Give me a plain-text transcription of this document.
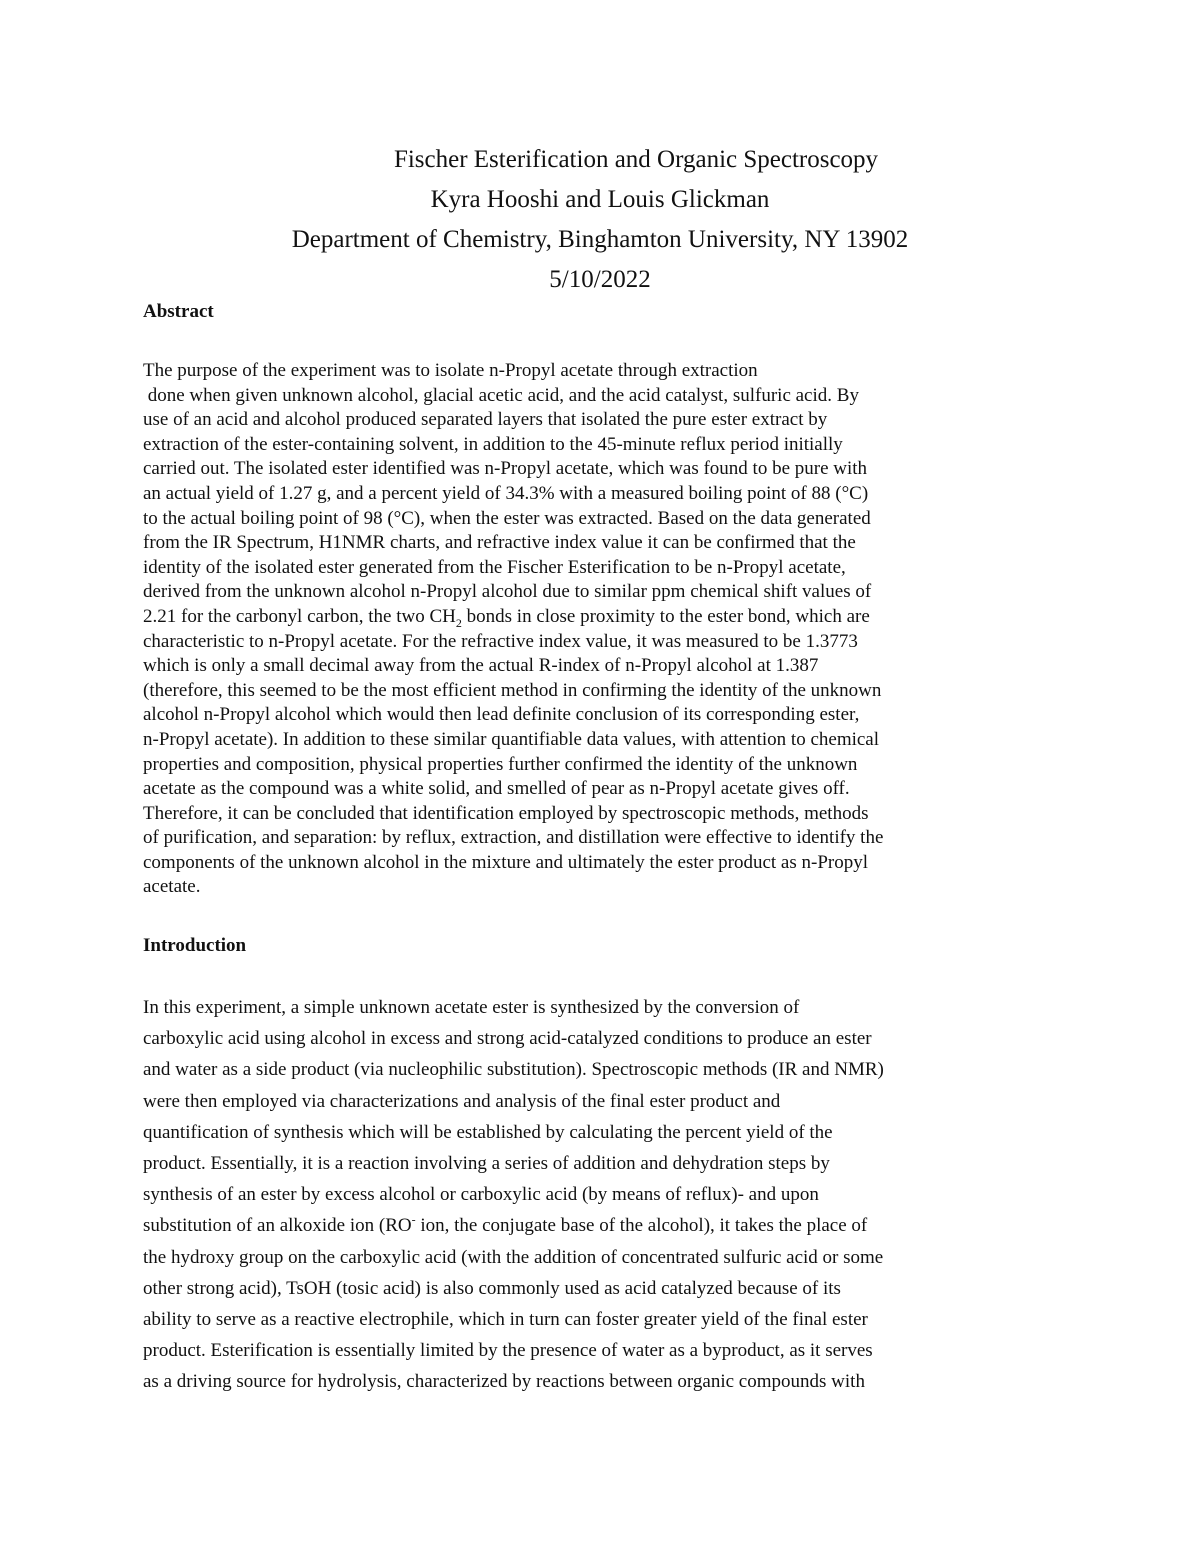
Fischer Esterification and Organic Spectroscopy
Kyra Hooshi and Louis Glickman
Department of Chemistry, Binghamton University, NY 13902
5/10/2022
Abstract
The purpose of the experiment was to isolate n-Propyl acetate through extraction
done when given unknown alcohol, glacial acetic acid, and the acid catalyst, sulfuric acid. By
use of an acid and alcohol produced separated layers that isolated the pure ester extract by
extraction of the ester-containing solvent, in addition to the 45-minute reflux period initially
carried out. The isolated ester identified was n-Propyl acetate, which was found to be pure with
an actual yield of 1.27 g, and a percent yield of 34.3% with a measured boiling point of 88 (°C)
to the actual boiling point of 98 (°C), when the ester was extracted. Based on the data generated
from the IR Spectrum, H1NMR charts, and refractive index value it can be confirmed that the
identity of the isolated ester generated from the Fischer Esterification to be n-Propyl acetate,
derived from the unknown alcohol n-Propyl alcohol due to similar ppm chemical shift values of
2.21 for the carbonyl carbon, the two $CH_2$ bonds in close proximity to the ester bond, which are
characteristic to n-Propyl acetate. For the refractive index value, it was measured to be 1.3773
which is only a small decimal away from the actual R-index of n-Propyl alcohol at 1.387
(therefore, this seemed to be the most efficient method in confirming the identity of the unknown
alcohol n-Propyl alcohol which would then lead definite conclusion of its corresponding ester,
n-Propyl acetate). In addition to these similar quantifiable data values, with attention to chemical
properties and composition, physical properties further confirmed the identity of the unknown
acetate as the compound was a white solid, and smelled of pear as n-Propyl acetate gives off.
Therefore, it can be concluded that identification employed by spectroscopic methods, methods
of purification, and separation: by reflux, extraction, and distillation were effective to identify the
components of the unknown alcohol in the mixture and ultimately the ester product as n-Propyl
acetate.
Introduction
In this experiment, a simple unknown acetate ester is synthesized by the conversion of
carboxylic acid using alcohol in excess and strong acid-catalyzed conditions to produce an ester
and water as a side product (via nucleophilic substitution). Spectroscopic methods (IR and NMR)
were then employed via characterizations and analysis of the final ester product and
quantification of synthesis which will be established by calculating the percent yield of the
product. Essentially, it is a reaction involving a series of addition and dehydration steps by
synthesis of an ester by excess alcohol or carboxylic acid (by means of reflux)- and upon
substitution of an alkoxide ion (RO- ion, the conjugate base of the alcohol), it takes the place of
the hydroxy group on the carboxylic acid (with the addition of concentrated sulfuric acid or some
other strong acid), TsOH (tosic acid) is also commonly used as acid catalyzed because of its
ability to serve as a reactive electrophile, which in turn can foster greater yield of the final ester
product. Esterification is essentially limited by the presence of water as a byproduct, as it serves
as a driving source for hydrolysis, characterized by reactions between organic compounds with
